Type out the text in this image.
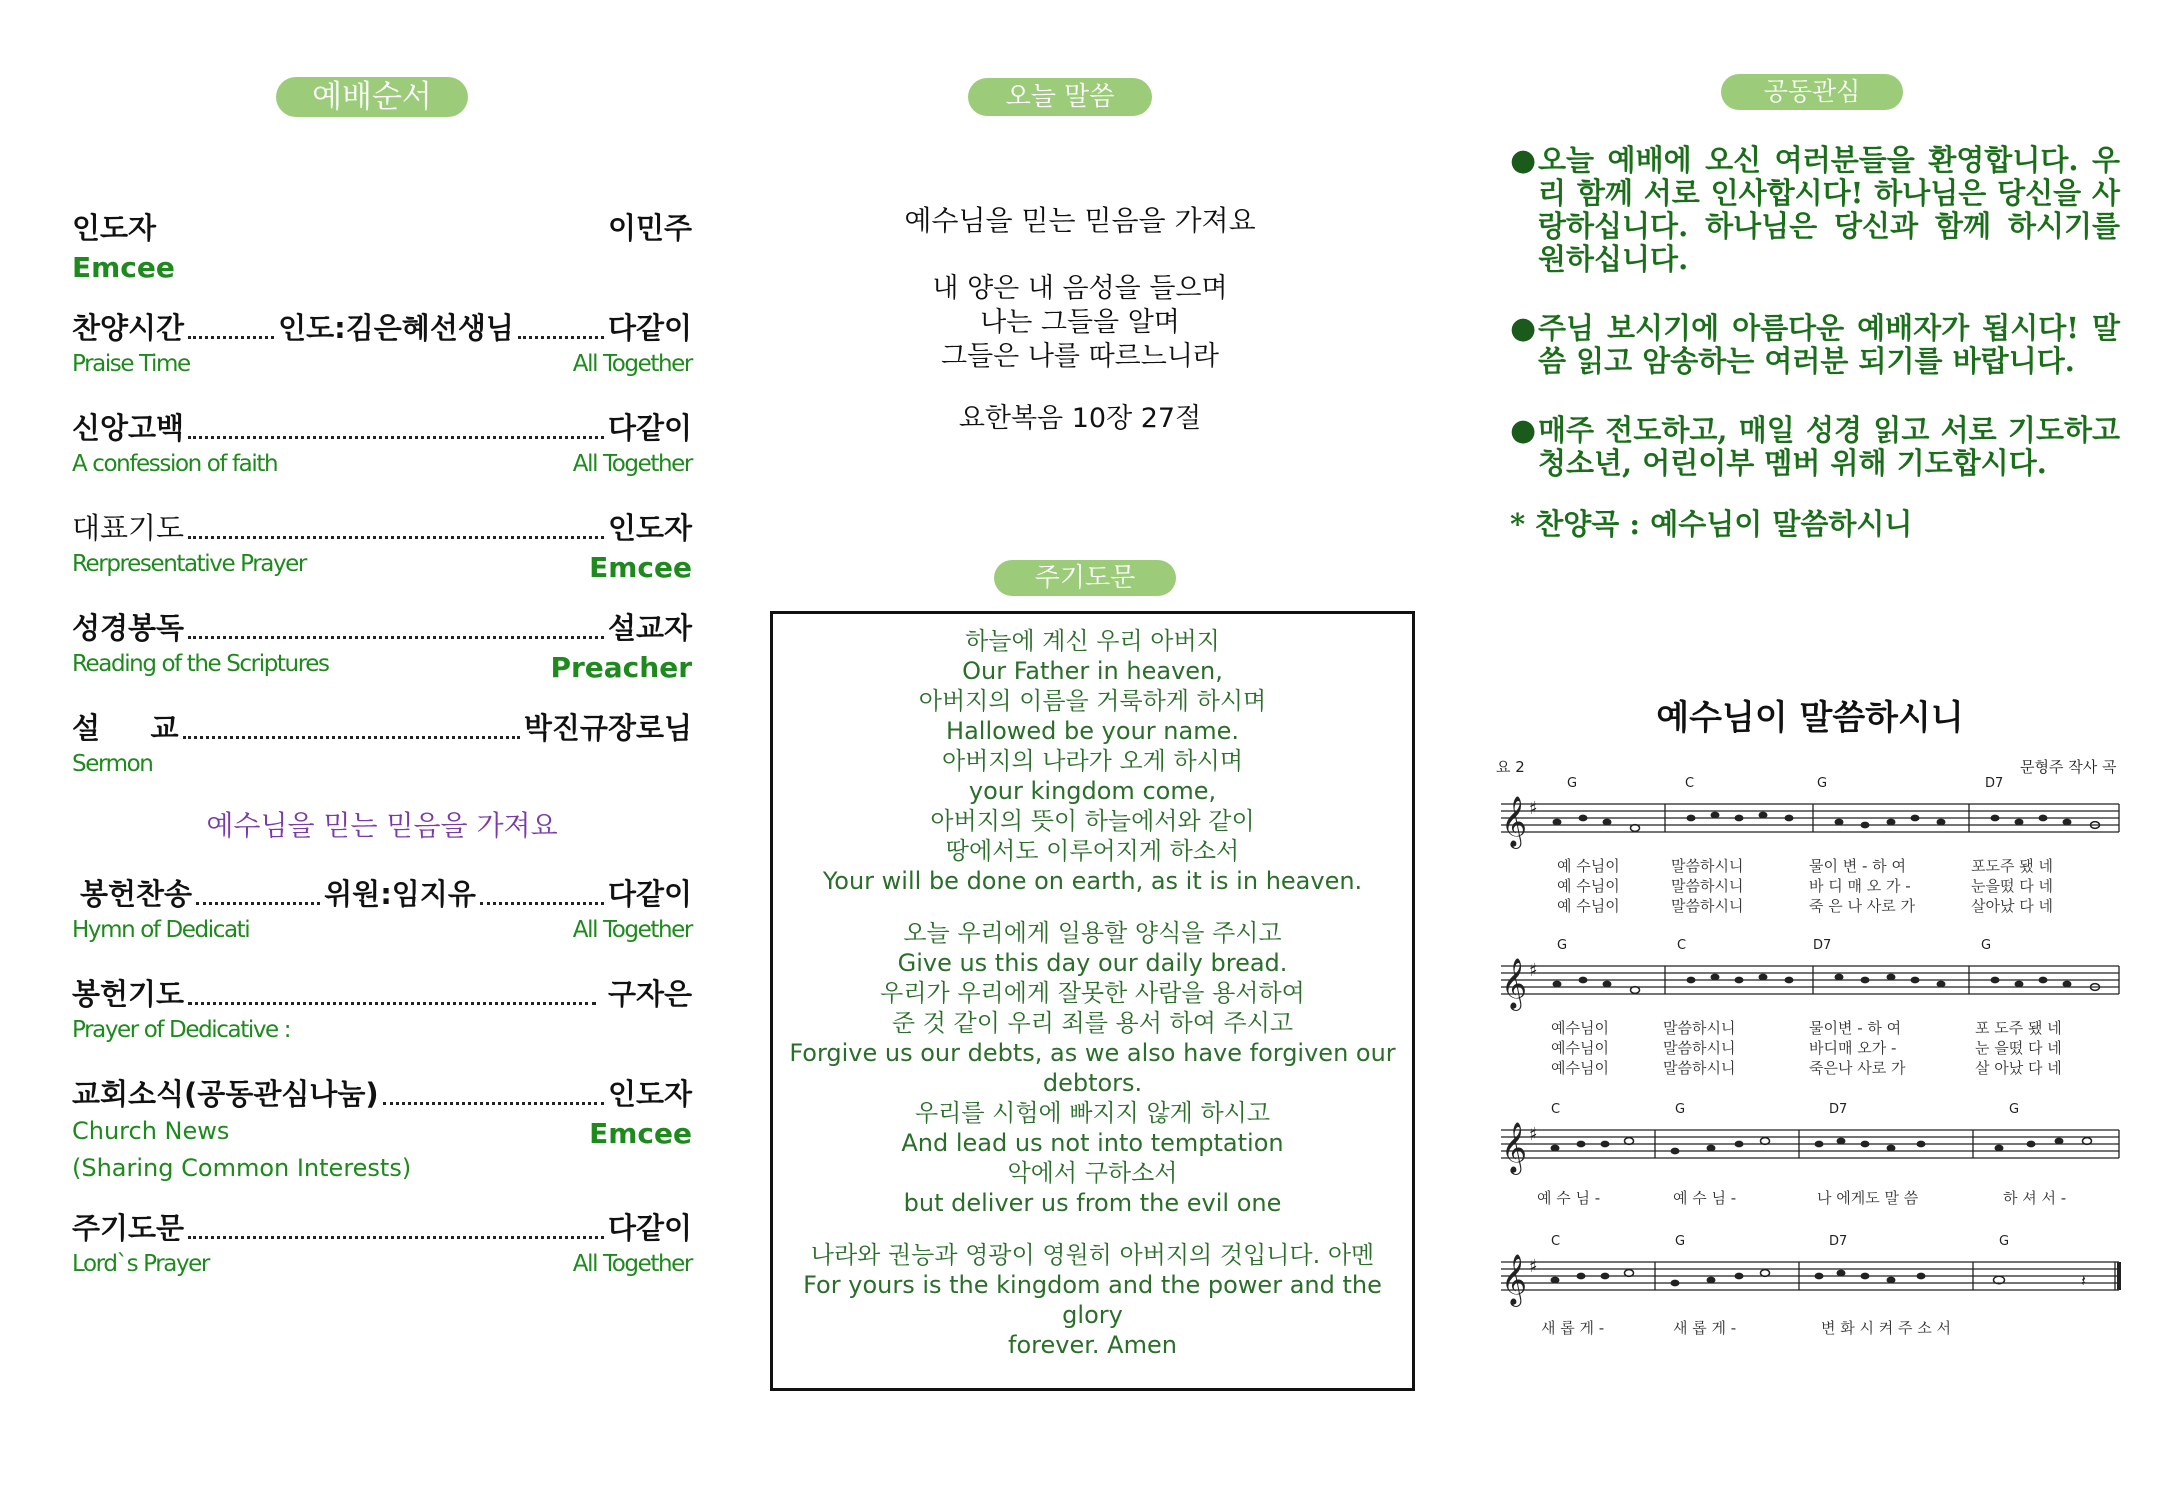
예배순서	오늘 말씀
주기도문
공동관심
인도자	이민주
Emcee
찬양시간	인도:김은혜선생님	다같이
Praise Time	All Together
신앙고백	다같이
A confession of faith	All Together
대표기도	인도자
Rerpresentative Prayer	Emcee
성경봉독	설교자
Reading of the Scriptures	Preacher
설     교	박진규장로님
Sermon
예수님을 믿는 믿음을 가져요
봉헌찬송	위원:임지유	다같이
Hymn of Dedicati	All Together
봉헌기도	구자은
Prayer of Dedicative :
교회소식(공동관심나눔)	인도자
Church News	Emcee
(Sharing Common Interests)
주기도문	다같이
Lord`s Prayer	All Together
예수님을 믿는 믿음을 가져요
내 양은 내 음성을 들으며
나는 그들을 알며
그들은 나를 따르느니라
요한복음 10장 27절
하늘에 계신 우리 아버지
Our Father in heaven,
아버지의 이름을 거룩하게 하시며
Hallowed be your name.
아버지의 나라가 오게 하시며
your kingdom come,
아버지의 뜻이 하늘에서와 같이
땅에서도 이루어지게 하소서
Your will be done on earth, as it is in heaven.
오늘 우리에게 일용할 양식을 주시고
Give us this day our daily bread.
우리가 우리에게 잘못한 사람을 용서하여
준 것 같이 우리 죄를 용서 하여 주시고
Forgive us our debts, as we also have forgiven our
debtors.
우리를 시험에 빠지지 않게 하시고
And lead us not into temptation
악에서 구하소서
but deliver us from the evil one
나라와 권능과 영광이 영원히 아버지의 것입니다. 아멘
For yours is the kingdom and the power and the glory
forever. Amen
● 오늘 예배에 오신 여러분들을 환영합니다. 우리 함께 서로 인사합시다! 하나님은 당신을 사랑하십니다. 하나님은 당신과 함께 하시기를 원하십니다.
● 주님 보시기에 아름다운 예배자가 됩시다! 말씀 읽고 암송하는 여러분 되기를 바랍니다.
● 매주 전도하고, 매일 성경 읽고 서로 기도하고 청소년, 어린이부 멤버 위해 기도합시다.
* 찬양곡 : 예수님이 말씀하시니
예수님이 말씀하시니
요 2	문형주 작사 곡
𝄞 ♯
G	C	G	D7
예 수님이
예 수님이
예 수님이
말씀하시니
말씀하시니
말씀하시니
물이 변 - 하 여
바 디 매 오 가 -
죽 은 나 사로 가
포도주 됐 네
눈을떴 다 네
살아났 다 네
𝄞 ♯
G	C	D7	G
예수님이
예수님이
예수님이
말씀하시니
말씀하시니
말씀하시니
물이변 - 하 여
바디매 오가 -
죽은나 사로 가
포 도주 됐 네
눈 을떴 다 네
살 아났 다 네
𝄞 ♯
C	G	D7	G
예 수 님 -	예 수 님 -	나 에게도 말 씀	하 셔 서 -
𝄞 ♯
𝄽
C	G	D7	G
새 롭 게 -	새 롭 게 -	변 화 시 켜 주 소 서
